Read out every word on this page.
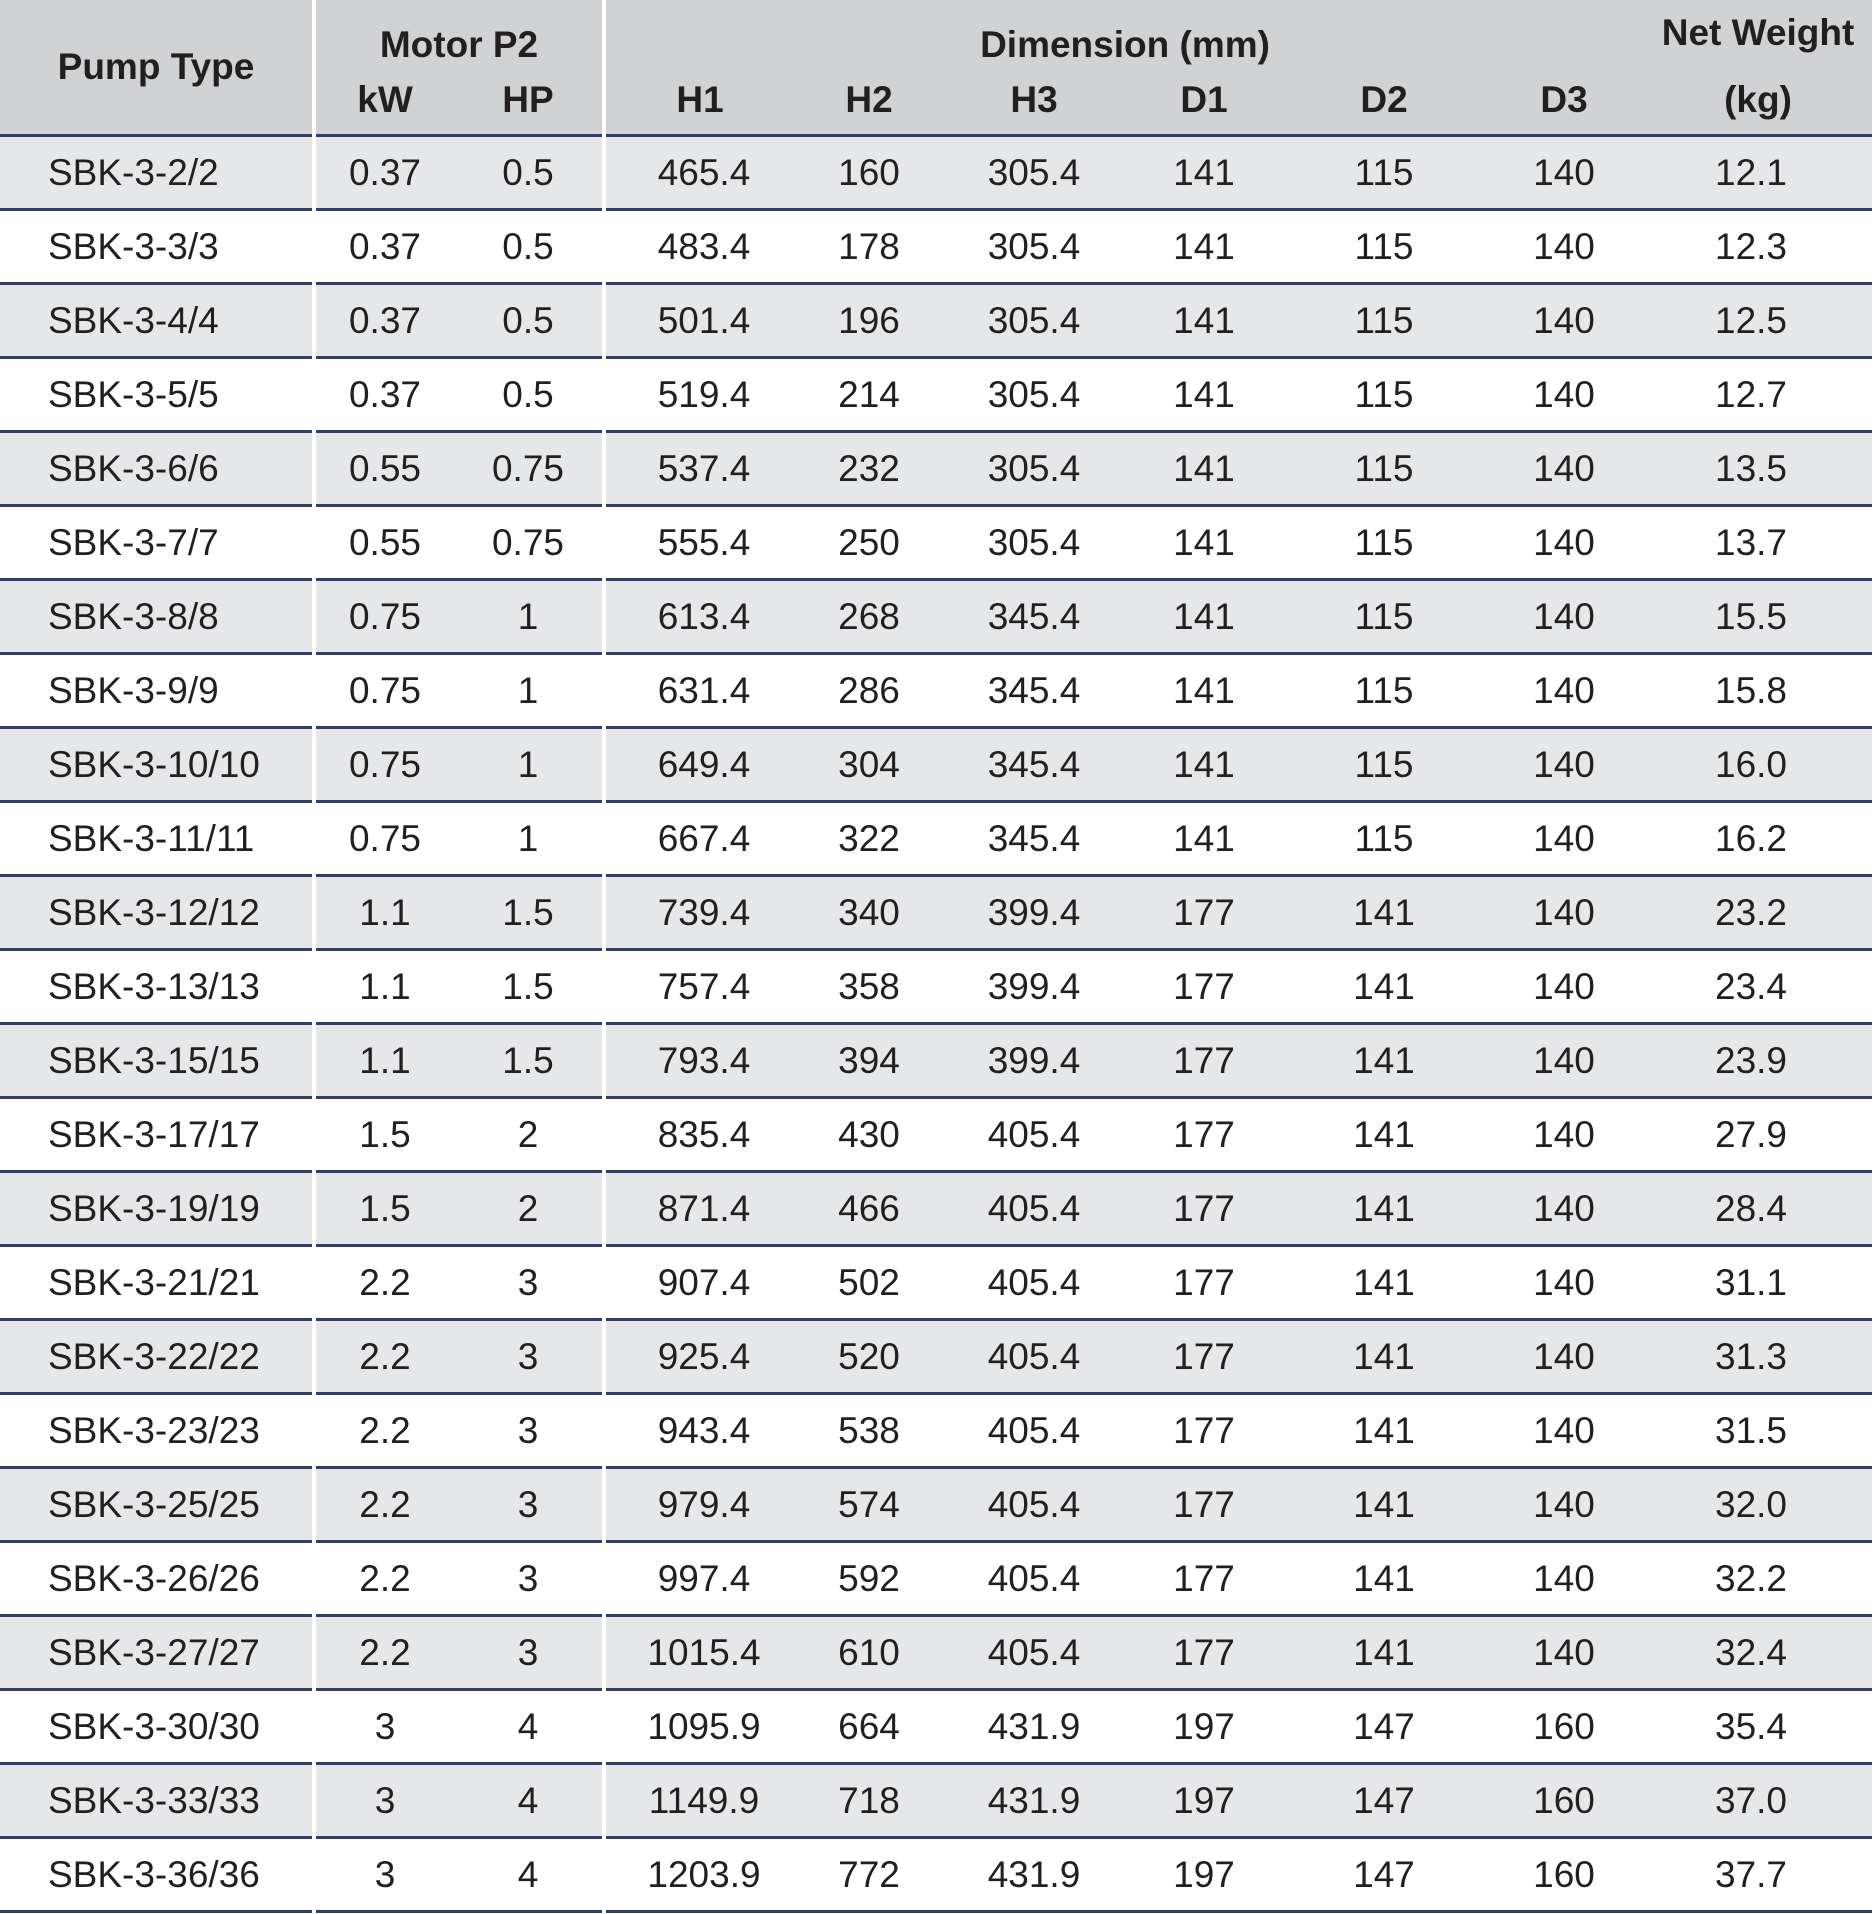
Pump Type	Motor P2		Dimension (mm)						Net Weight
	kW	HP	H1	H2	H3	D1	D2	D3	(kg)
SBK-3-2/2	0.37	0.5	465.4	160	305.4	141	115	140	12.1
SBK-3-3/3	0.37	0.5	483.4	178	305.4	141	115	140	12.3
SBK-3-4/4	0.37	0.5	501.4	196	305.4	141	115	140	12.5
SBK-3-5/5	0.37	0.5	519.4	214	305.4	141	115	140	12.7
SBK-3-6/6	0.55	0.75	537.4	232	305.4	141	115	140	13.5
SBK-3-7/7	0.55	0.75	555.4	250	305.4	141	115	140	13.7
SBK-3-8/8	0.75	1	613.4	268	345.4	141	115	140	15.5
SBK-3-9/9	0.75	1	631.4	286	345.4	141	115	140	15.8
SBK-3-10/10	0.75	1	649.4	304	345.4	141	115	140	16.0
SBK-3-11/11	0.75	1	667.4	322	345.4	141	115	140	16.2
SBK-3-12/12	1.1	1.5	739.4	340	399.4	177	141	140	23.2
SBK-3-13/13	1.1	1.5	757.4	358	399.4	177	141	140	23.4
SBK-3-15/15	1.1	1.5	793.4	394	399.4	177	141	140	23.9
SBK-3-17/17	1.5	2	835.4	430	405.4	177	141	140	27.9
SBK-3-19/19	1.5	2	871.4	466	405.4	177	141	140	28.4
SBK-3-21/21	2.2	3	907.4	502	405.4	177	141	140	31.1
SBK-3-22/22	2.2	3	925.4	520	405.4	177	141	140	31.3
SBK-3-23/23	2.2	3	943.4	538	405.4	177	141	140	31.5
SBK-3-25/25	2.2	3	979.4	574	405.4	177	141	140	32.0
SBK-3-26/26	2.2	3	997.4	592	405.4	177	141	140	32.2
SBK-3-27/27	2.2	3	1015.4	610	405.4	177	141	140	32.4
SBK-3-30/30	3	4	1095.9	664	431.9	197	147	160	35.4
SBK-3-33/33	3	4	1149.9	718	431.9	197	147	160	37.0
SBK-3-36/36	3	4	1203.9	772	431.9	197	147	160	37.7
